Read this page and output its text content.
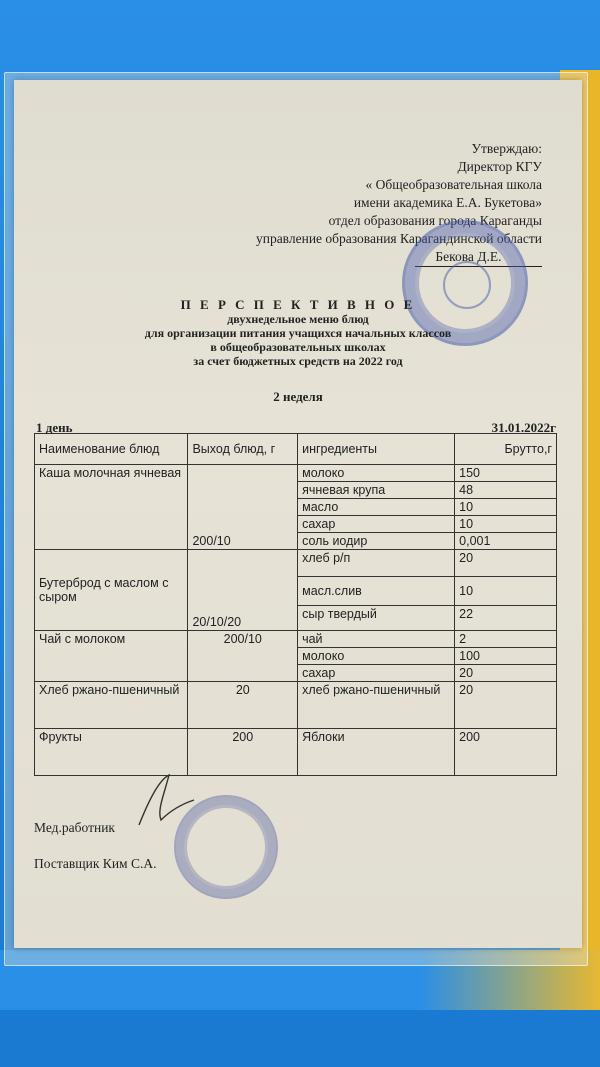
Утверждаю:
Директор КГУ
« Общеобразовательная школа
имени академика Е.А. Букетова»
отдел образования города Караганды
управление образования Карагандинской области
Бекова Д.Е.
П Е Р С П Е К Т И В Н О Е
двухнедельное меню блюд
для организации питания учащихся начальных классов
в общеобразовательных школах
за счет бюджетных средств на 2022 год
2 неделя
1 день	31.01.2022г
Наименование блюд	Выход блюд, г	ингредиенты	Брутто,г
Каша молочная ячневая	200/10	молоко	150
		ячневая крупа	48
		масло	10
		сахар	10
		соль иодир	0,001
Бутерброд с маслом с сыром	20/10/20	хлеб р/п	20
		масл.слив	10
		сыр твердый	22
Чай с молоком	200/10	чай	2
		молоко	100
		сахар	20
Хлеб ржано-пшеничный	20	хлеб ржано-пшеничный	20
Фрукты	200	Яблоки	200
Мед.работник
Поставщик Ким С.А.
